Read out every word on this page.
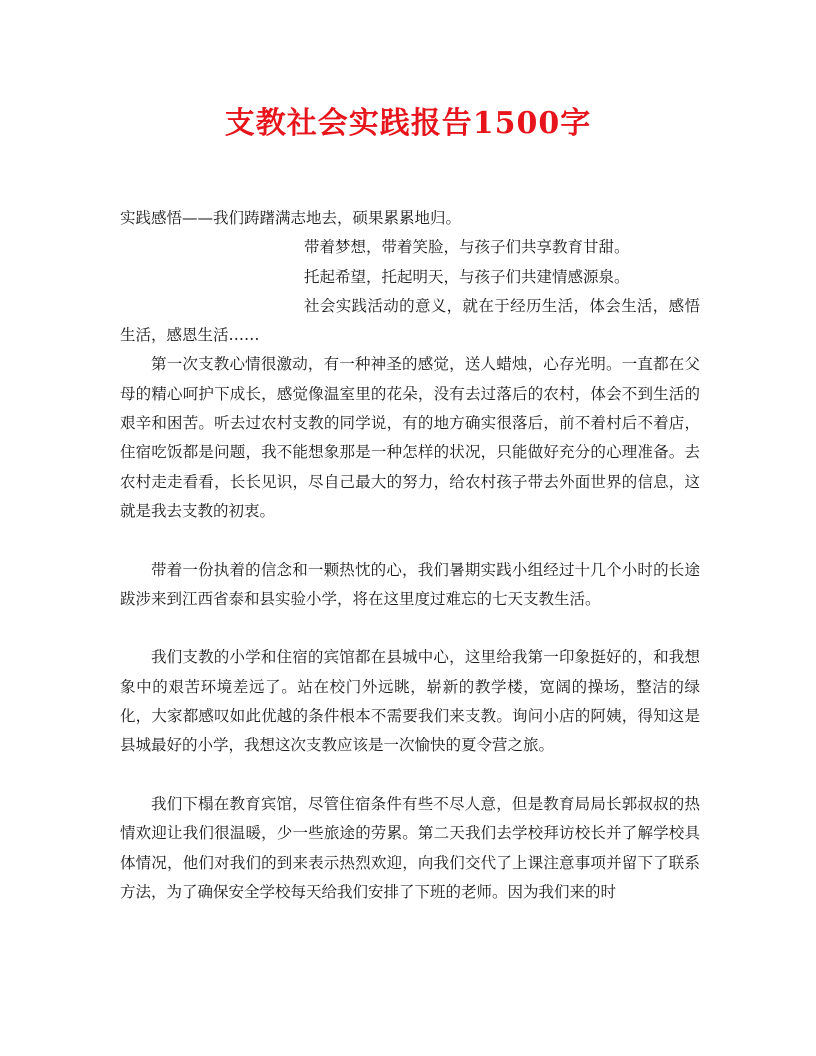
支教社会实践报告1500字

实践感悟——我们踌躇满志地去，硕果累累地归。

带着梦想，带着笑脸，与孩子们共享教育甘甜。

托起希望，托起明天，与孩子们共建情感源泉。

社会实践活动的意义，就在于经历生活，体会生活，感悟生活，感恩生活……

第一次支教心情很激动，有一种神圣的感觉，送人蜡烛，心存光明。一直都在父母的精心呵护下成长，感觉像温室里的花朵，没有去过落后的农村，体会不到生活的艰辛和困苦。听去过农村支教的同学说，有的地方确实很落后，前不着村后不着店，住宿吃饭都是问题，我不能想象那是一种怎样的状况，只能做好充分的心理准备。去农村走走看看，长长见识，尽自己最大的努力，给农村孩子带去外面世界的信息，这就是我去支教的初衷。

带着一份执着的信念和一颗热忱的心，我们暑期实践小组经过十几个小时的长途跋涉来到江西省泰和县实验小学，将在这里度过难忘的七天支教生活。

我们支教的小学和住宿的宾馆都在县城中心，这里给我第一印象挺好的，和我想象中的艰苦环境差远了。站在校门外远眺，崭新的教学楼，宽阔的操场，整洁的绿化，大家都感叹如此优越的条件根本不需要我们来支教。询问小店的阿姨，得知这是县城最好的小学，我想这次支教应该是一次愉快的夏令营之旅。

我们下榻在教育宾馆，尽管住宿条件有些不尽人意，但是教育局局长郭叔叔的热情欢迎让我们很温暖，少一些旅途的劳累。第二天我们去学校拜访校长并了解学校具体情况，他们对我们的到来表示热烈欢迎，向我们交代了上课注意事项并留下了联系方法，为了确保安全学校每天给我们安排了下班的老师。因为我们来的时
